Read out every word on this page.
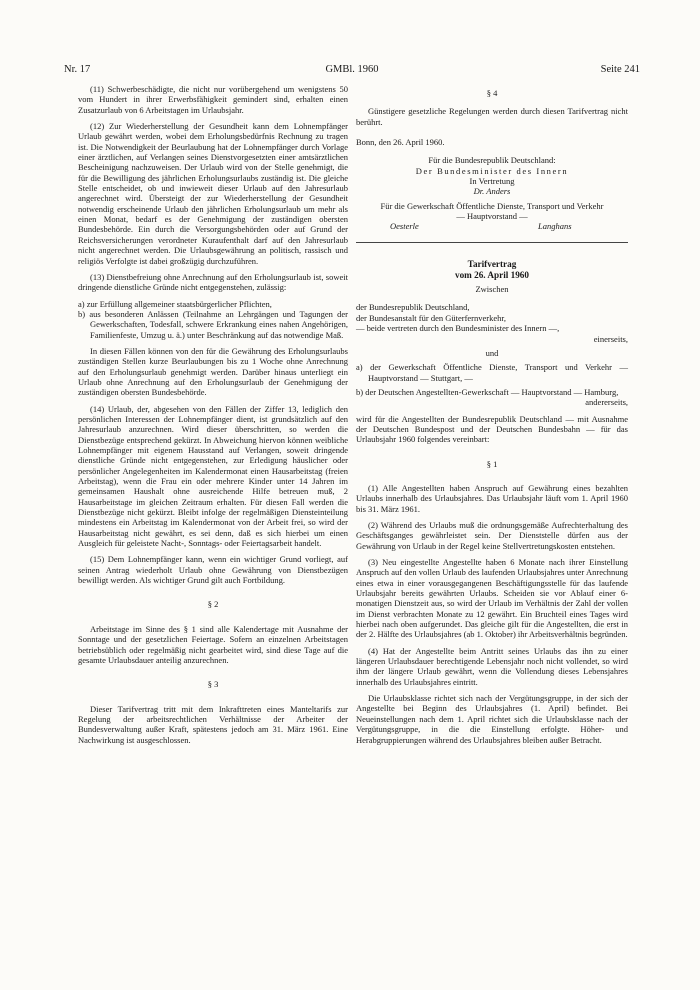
Nr. 17	GMBl. 1960	Seite 241

(11) Schwerbeschädigte, die nicht nur vorübergehend um wenigstens 50 vom Hundert in ihrer Erwerbsfähigkeit gemindert sind, erhalten einen Zusatzurlaub von 6 Arbeitstagen im Urlaubsjahr.

(12) Zur Wiederherstellung der Gesundheit kann dem Lohnempfänger Urlaub gewährt werden, wobei dem Erholungsbedürfnis Rechnung zu tragen ist. Die Notwendigkeit der Beurlaubung hat der Lohnempfänger durch Vorlage einer ärztlichen, auf Verlangen seines Dienstvorgesetzten einer amtsärztlichen Bescheinigung nachzuweisen. Der Urlaub wird von der Stelle genehmigt, die für die Bewilligung des jährlichen Erholungsurlaubs zuständig ist. Die gleiche Stelle entscheidet, ob und inwieweit dieser Urlaub auf den Jahresurlaub angerechnet wird. Übersteigt der zur Wiederherstellung der Gesundheit notwendig erscheinende Urlaub den jährlichen Erholungsurlaub um mehr als einen Monat, bedarf es der Genehmigung der zuständigen obersten Bundesbehörde. Ein durch die Versorgungsbehörden oder auf Grund der Reichsversicherungen verordneter Kuraufenthalt darf auf den Jahresurlaub nicht angerechnet werden. Die Urlaubsgewährung an politisch, rassisch und religiös Verfolgte ist dabei großzügig durchzuführen.

(13) Dienstbefreiung ohne Anrechnung auf den Erholungsurlaub ist, soweit dringende dienstliche Gründe nicht entgegenstehen, zulässig:

a) zur Erfüllung allgemeiner staatsbürgerlicher Pflichten,

b) aus besonderen Anlässen (Teilnahme an Lehrgängen und Tagungen der Gewerkschaften, Todesfall, schwere Erkrankung eines nahen Angehörigen, Familienfeste, Umzug u. ä.) unter Beschränkung auf das notwendige Maß.

In diesen Fällen können von den für die Gewährung des Erholungsurlaubs zuständigen Stellen kurze Beurlaubungen bis zu 1 Woche ohne Anrechnung auf den Erholungsurlaub genehmigt werden. Darüber hinaus unterliegt ein Urlaub ohne Anrechnung auf den Erholungsurlaub der Genehmigung der zuständigen obersten Bundesbehörde.

(14) Urlaub, der, abgesehen von den Fällen der Ziffer 13, lediglich den persönlichen Interessen der Lohnempfänger dient, ist grundsätzlich auf den Jahresurlaub anzurechnen. Wird dieser überschritten, so werden die Dienstbezüge entsprechend gekürzt. In Abweichung hiervon können weibliche Lohnempfänger mit eigenem Hausstand auf Verlangen, soweit dringende dienstliche Gründe nicht entgegenstehen, zur Erledigung häuslicher oder persönlicher Angelegenheiten im Kalendermonat einen Hausarbeitstag (freien Arbeitstag), wenn die Frau ein oder mehrere Kinder unter 14 Jahren im gemeinsamen Haushalt ohne ausreichende Hilfe betreuen muß, 2 Hausarbeitstage im gleichen Zeitraum erhalten. Für diesen Fall werden die Dienstbezüge nicht gekürzt. Bleibt infolge der regelmäßigen Diensteinteilung mindestens ein Arbeitstag im Kalendermonat von der Arbeit frei, so wird der Hausarbeitstag nicht gewährt, es sei denn, daß es sich hierbei um einen Ausgleich für geleistete Nacht-, Sonntags- oder Feiertagsarbeit handelt.

(15) Dem Lohnempfänger kann, wenn ein wichtiger Grund vorliegt, auf seinen Antrag wiederholt Urlaub ohne Gewährung von Dienstbezügen bewilligt werden. Als wichtiger Grund gilt auch Fortbildung.

§ 2

Arbeitstage im Sinne des § 1 sind alle Kalendertage mit Ausnahme der Sonntage und der gesetzlichen Feiertage. Sofern an einzelnen Arbeitstagen betriebsüblich oder regelmäßig nicht gearbeitet wird, sind diese Tage auf die gesamte Urlaubsdauer anteilig anzurechnen.

§ 3

Dieser Tarifvertrag tritt mit dem Inkrafttreten eines Manteltarifs zur Regelung der arbeitsrechtlichen Verhältnisse der Arbeiter der Bundesverwaltung außer Kraft, spätestens jedoch am 31. März 1961. Eine Nachwirkung ist ausgeschlossen.

§ 4

Günstigere gesetzliche Regelungen werden durch diesen Tarifvertrag nicht berührt.

Bonn, den 26. April 1960.

Für die Bundesrepublik Deutschland:
Der Bundesminister des Innern
In Vertretung
Dr. Anders
Für die Gewerkschaft Öffentliche Dienste, Transport und Verkehr
— Hauptvorstand —
Oesterle	Langhans
Tarifvertrag
vom 26. April 1960
Zwischen

der Bundesrepublik Deutschland,

der Bundesanstalt für den Güterfernverkehr,

— beide vertreten durch den Bundesminister des Innern —,

einerseits,
und

a) der Gewerkschaft Öffentliche Dienste, Transport und Verkehr — Hauptvorstand — Stuttgart, —

b) der Deutschen Angestellten-Gewerkschaft — Hauptvorstand — Hamburg,

andererseits,

wird für die Angestellten der Bundesrepublik Deutschland — mit Ausnahme der Deutschen Bundespost und der Deutschen Bundesbahn — für das Urlaubsjahr 1960 folgendes vereinbart:

§ 1

(1) Alle Angestellten haben Anspruch auf Gewährung eines bezahlten Urlaubs innerhalb des Urlaubsjahres. Das Urlaubsjahr läuft vom 1. April 1960 bis 31. März 1961.

(2) Während des Urlaubs muß die ordnungsgemäße Aufrechterhaltung des Geschäftsganges gewährleistet sein. Der Dienststelle dürfen aus der Gewährung von Urlaub in der Regel keine Stellvertretungskosten entstehen.

(3) Neu eingestellte Angestellte haben 6 Monate nach ihrer Einstellung Anspruch auf den vollen Urlaub des laufenden Urlaubsjahres unter Anrechnung eines etwa in einer vorausgegangenen Beschäftigungsstelle für das laufende Urlaubsjahr bereits gewährten Urlaubs. Scheiden sie vor Ablauf einer 6-monatigen Dienstzeit aus, so wird der Urlaub im Verhältnis der Zahl der vollen im Dienst verbrachten Monate zu 12 gewährt. Ein Bruchteil eines Tages wird hierbei nach oben aufgerundet. Das gleiche gilt für die Angestellten, die erst in der 2. Hälfte des Urlaubsjahres (ab 1. Oktober) ihr Arbeitsverhältnis begründen.

(4) Hat der Angestellte beim Antritt seines Urlaubs das ihn zu einer längeren Urlaubsdauer berechtigende Lebensjahr noch nicht vollendet, so wird ihm der längere Urlaub gewährt, wenn die Vollendung dieses Lebensjahres innerhalb des Urlaubsjahres eintritt.

Die Urlaubsklasse richtet sich nach der Vergütungsgruppe, in der sich der Angestellte bei Beginn des Urlaubsjahres (1. April) befindet. Bei Neueinstellungen nach dem 1. April richtet sich die Urlaubsklasse nach der Vergütungsgruppe, in die die Einstellung erfolgte. Höher- und Herabgruppierungen während des Urlaubsjahres bleiben außer Betracht.
